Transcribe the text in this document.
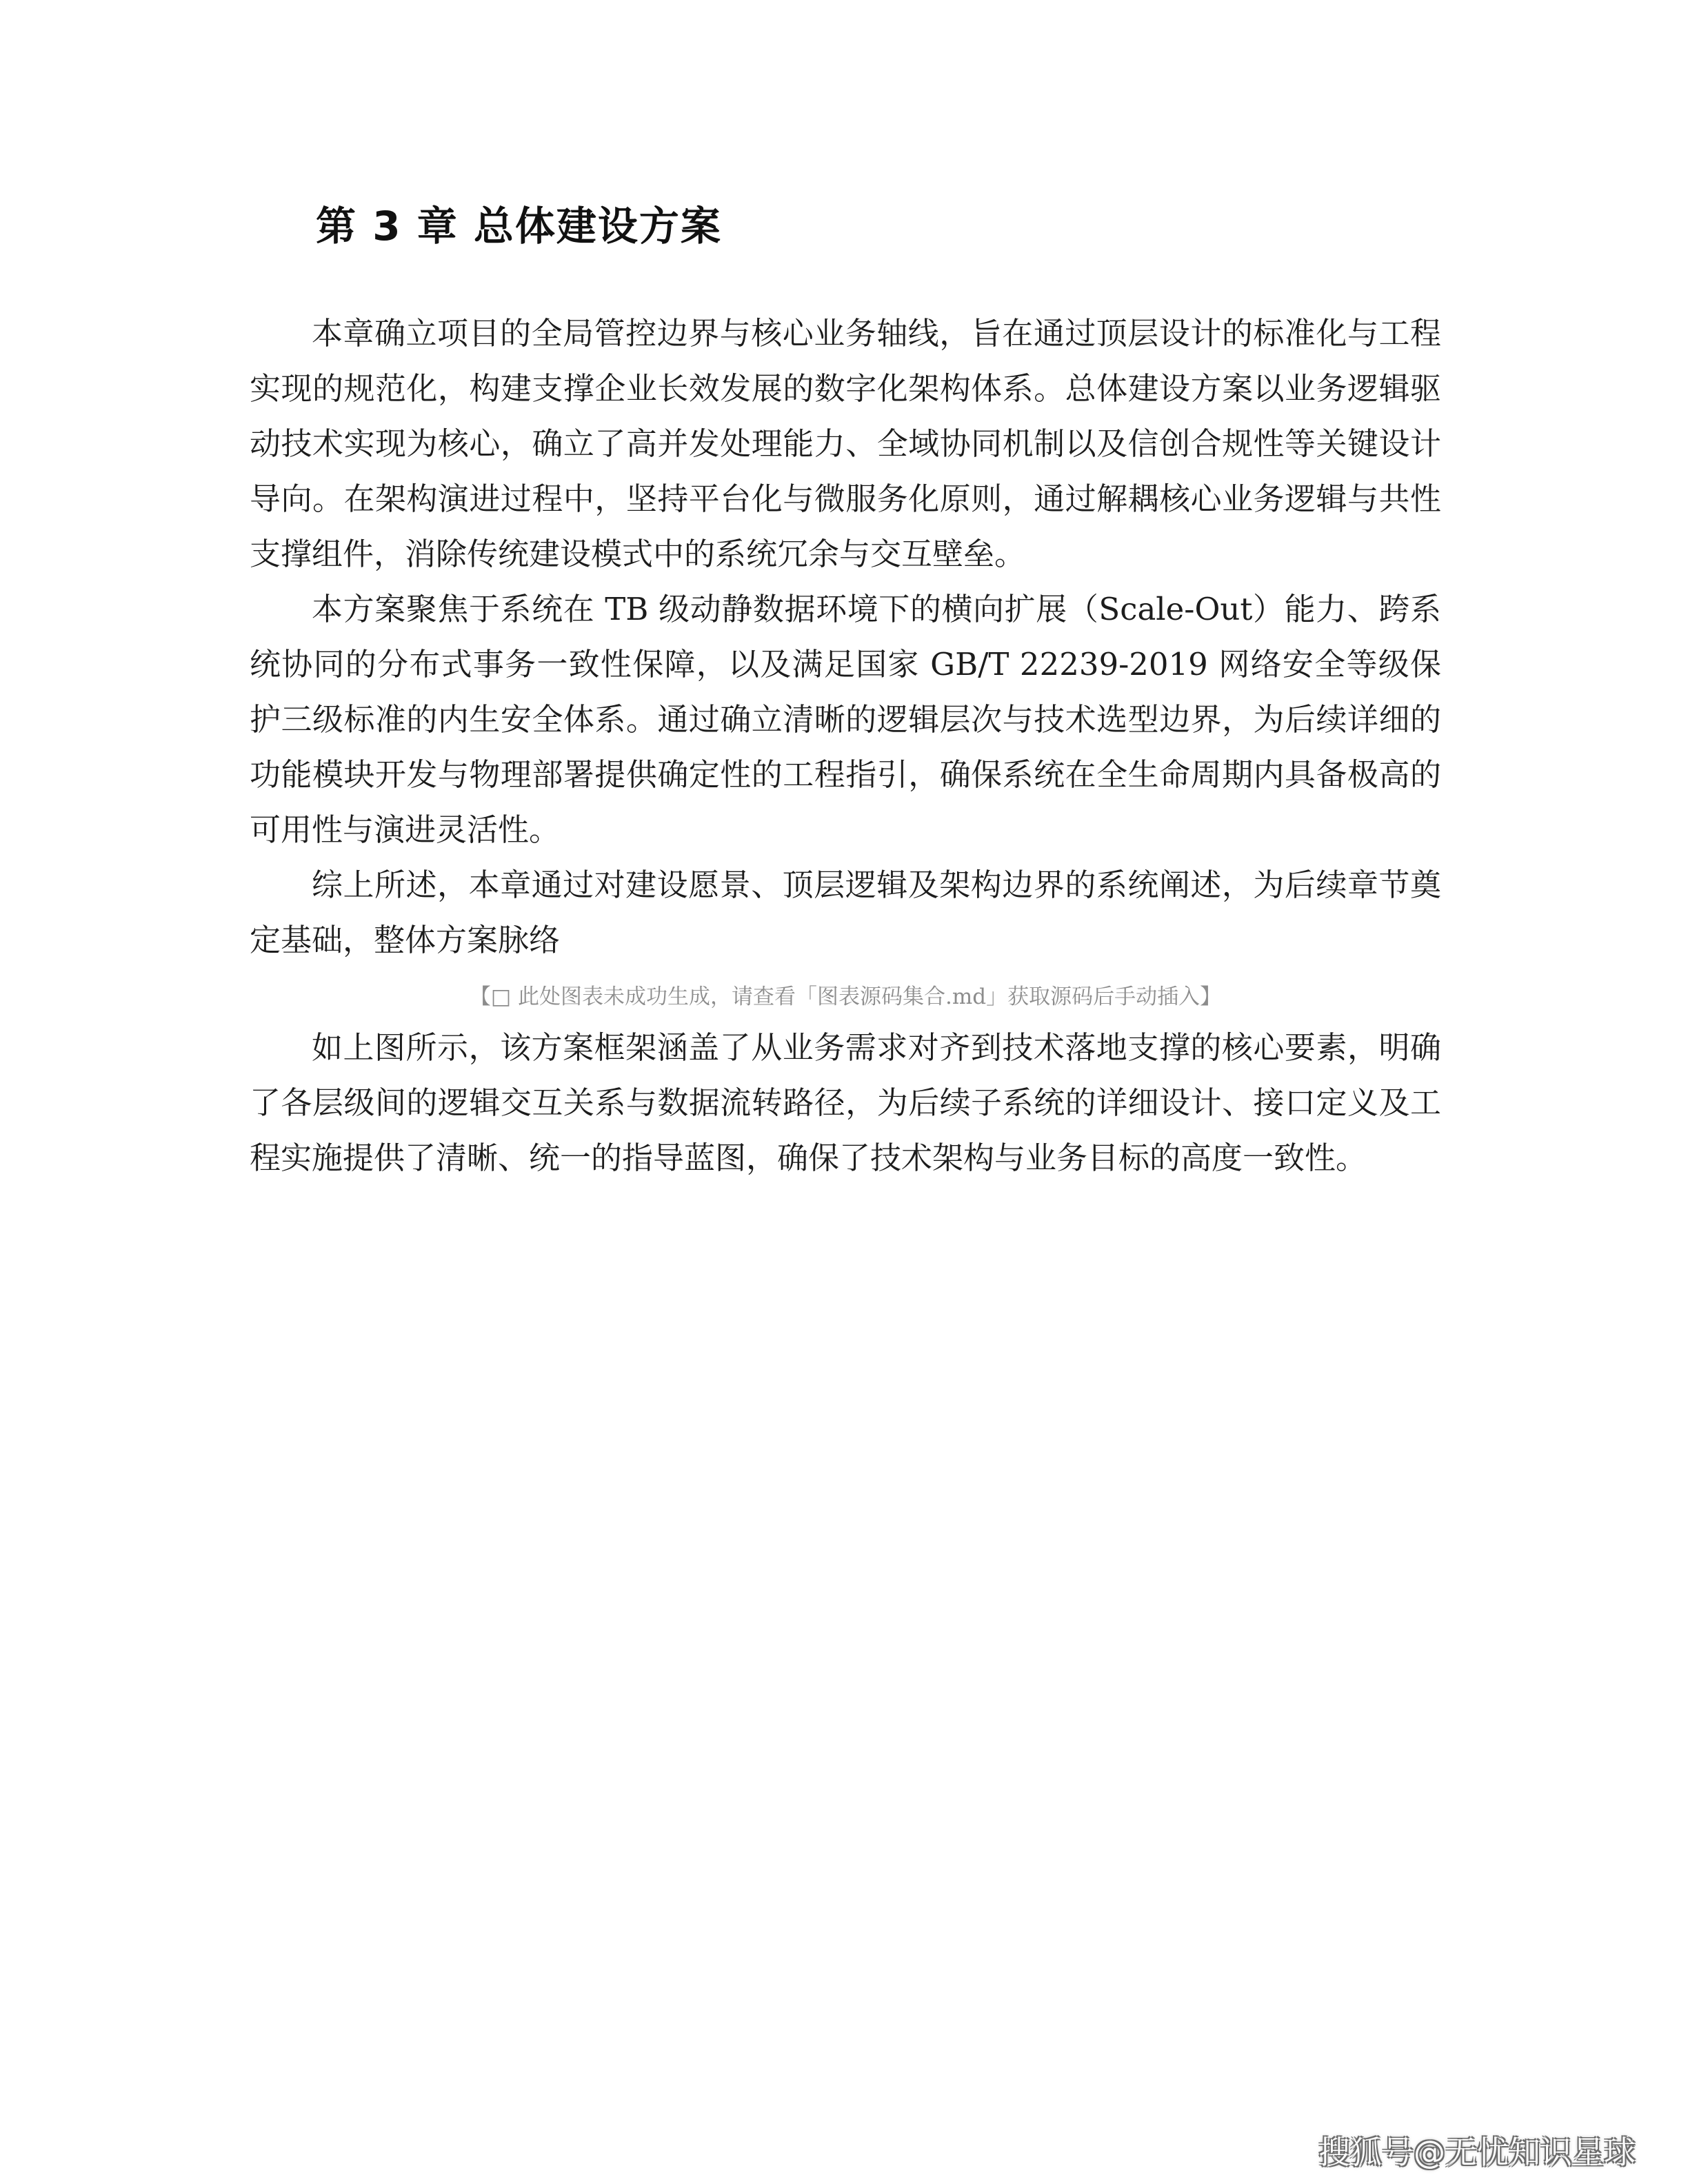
第 3 章 总体建设方案

本章确立项目的全局管控边界与核心业务轴线，旨在通过顶层设计的标准化与工程实现的规范化，构建支撑企业长效发展的数字化架构体系。总体建设方案以业务逻辑驱动技术实现为核心，确立了高并发处理能力、全域协同机制以及信创合规性等关键设计导向。在架构演进过程中，坚持平台化与微服务化原则，通过解耦核心业务逻辑与共性支撑组件，消除传统建设模式中的系统冗余与交互壁垒。

本方案聚焦于系统在 TB 级动静数据环境下的横向扩展（Scale-Out）能力、跨系统协同的分布式事务一致性保障，以及满足国家 GB/T 22239-2019 网络安全等级保护三级标准的内生安全体系。通过确立清晰的逻辑层次与技术选型边界，为后续详细的功能模块开发与物理部署提供确定性的工程指引，确保系统在全生命周期内具备极高的可用性与演进灵活性。

综上所述，本章通过对建设愿景、顶层逻辑及架构边界的系统阐述，为后续章节奠定基础，整体方案脉络

【□ 此处图表未成功生成，请查看「图表源码集合.md」获取源码后手动插入】

如上图所示，该方案框架涵盖了从业务需求对齐到技术落地支撑的核心要素，明确了各层级间的逻辑交互关系与数据流转路径，为后续子系统的详细设计、接口定义及工程实施提供了清晰、统一的指导蓝图，确保了技术架构与业务目标的高度一致性。

搜狐号@无忧知识星球
